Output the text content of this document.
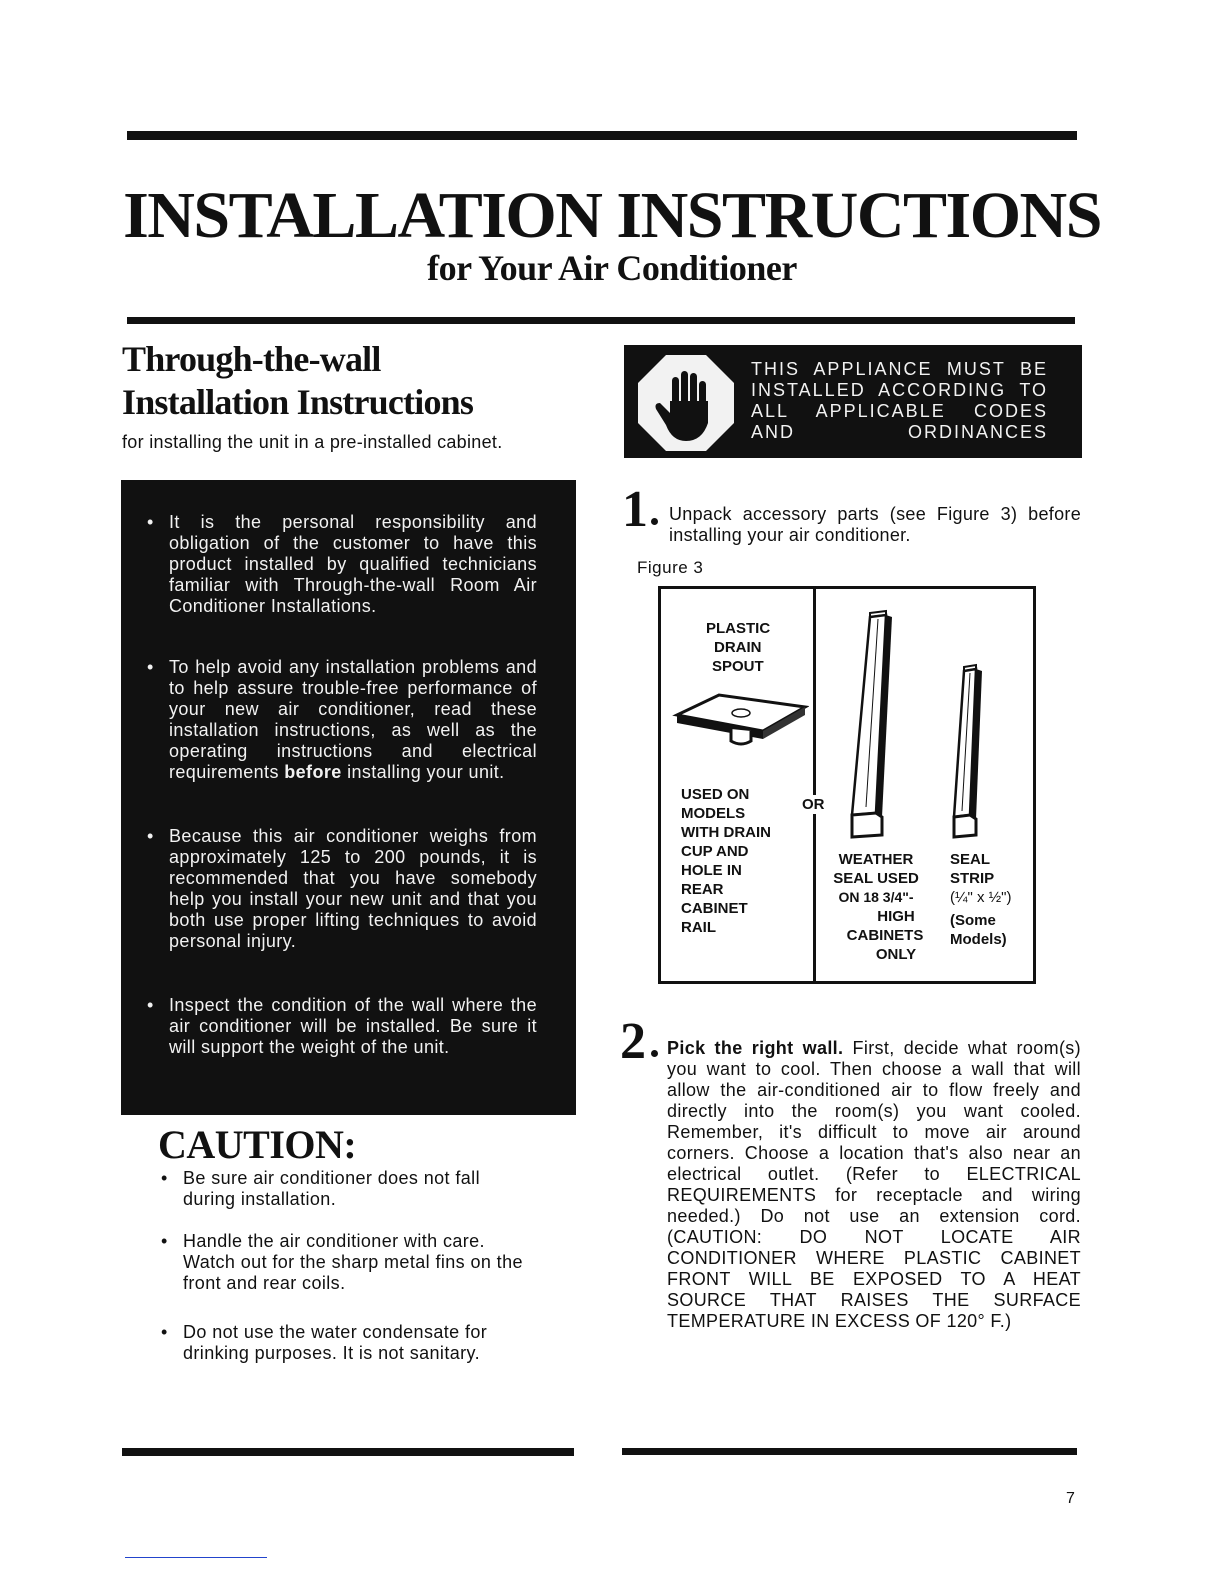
INSTALLATION INSTRUCTIONS
for Your Air Conditioner
Through-the-wall
Installation Instructions
for installing the unit in a pre-installed cabinet.
• It is the personal responsibility and obligation of the customer to have this product installed by qualified technicians familiar with Through-the-wall Room Air Conditioner Installations.
• To help avoid any installation problems and to help assure trouble-free performance of your new air conditioner, read these installation instructions, as well as the operating instructions and electrical requirements before installing your unit.
• Because this air conditioner weighs from approximately 125 to 200 pounds, it is recommended that you have somebody help you install your new unit and that you both use proper lifting techniques to avoid personal injury.
• Inspect the condition of the wall where the air conditioner will be installed. Be sure it will support the weight of the unit.
CAUTION:
• Be sure air conditioner does not fall during installation.
• Handle the air conditioner with care. Watch out for the sharp metal fins on the front and rear coils.
• Do not use the water condensate for drinking purposes. It is not sanitary.
THIS APPLIANCE MUST BE INSTALLED ACCORDING TO ALL APPLICABLE CODES AND ORDINANCES
1 Unpack accessory parts (see Figure 3) before installing your air conditioner.
Figure 3
PLASTIC
DRAIN
SPOUT
USED ON
MODELS
WITH DRAIN
CUP AND
HOLE IN
REAR
CABINET
RAIL
OR
WEATHER
SEAL USED
ON 18 3/4"-
HIGH
CABINETS
ONLY
SEAL
STRIP
(¼" x ½")
(Some
Models)
2 Pick the right wall. First, decide what room(s) you want to cool. Then choose a wall that will allow the air-conditioned air to flow freely and directly into the room(s) you want cooled. Remember, it's difficult to move air around corners. Choose a location that's also near an electrical outlet. (Refer to ELECTRICAL REQUIREMENTS for receptacle and wiring needed.) Do not use an extension cord. (CAUTION: DO NOT LOCATE AIR CONDITIONER WHERE PLASTIC CABINET FRONT WILL BE EXPOSED TO A HEAT SOURCE THAT RAISES THE SURFACE TEMPERATURE IN EXCESS OF 120° F.)
7
